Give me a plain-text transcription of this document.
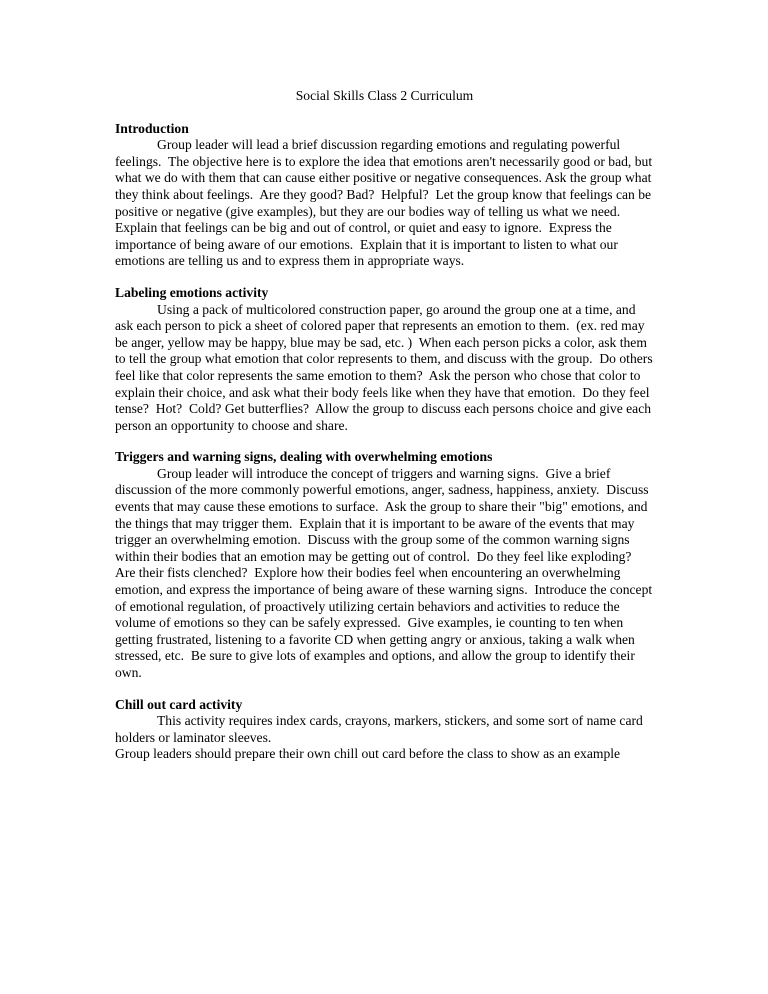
Social Skills Class 2 Curriculum
Introduction

Group leader will lead a brief discussion regarding emotions and regulating powerful feelings.  The objective here is to explore the idea that emotions aren't necessarily good or bad, but what we do with them that can cause either positive or negative consequences. Ask the group what they think about feelings.  Are they good? Bad?  Helpful?  Let the group know that feelings can be positive or negative (give examples), but they are our bodies way of telling us what we need.  Explain that feelings can be big and out of control, or quiet and easy to ignore.  Express the importance of being aware of our emotions.  Explain that it is important to listen to what our emotions are telling us and to express them in appropriate ways.

Labeling emotions activity

Using a pack of multicolored construction paper, go around the group one at a time, and ask each person to pick a sheet of colored paper that represents an emotion to them.  (ex. red may be anger, yellow may be happy, blue may be sad, etc. )  When each person picks a color, ask them to tell the group what emotion that color represents to them, and discuss with the group.  Do others feel like that color represents the same emotion to them?  Ask the person who chose that color to explain their choice, and ask what their body feels like when they have that emotion.  Do they feel tense?  Hot?  Cold? Get butterflies?  Allow the group to discuss each persons choice and give each person an opportunity to choose and share.

Triggers and warning signs, dealing with overwhelming emotions

Group leader will introduce the concept of triggers and warning signs.  Give a brief discussion of the more commonly powerful emotions, anger, sadness, happiness, anxiety.  Discuss events that may cause these emotions to surface.  Ask the group to share their "big" emotions, and the things that may trigger them.  Explain that it is important to be aware of the events that may trigger an overwhelming emotion.  Discuss with the group some of the common warning signs within their bodies that an emotion may be getting out of control.  Do they feel like exploding?  Are their fists clenched?  Explore how their bodies feel when encountering an overwhelming emotion, and express the importance of being aware of these warning signs.  Introduce the concept of emotional regulation, of proactively utilizing certain behaviors and activities to reduce the volume of emotions so they can be safely expressed.  Give examples, ie counting to ten when getting frustrated, listening to a favorite CD when getting angry or anxious, taking a walk when stressed, etc.  Be sure to give lots of examples and options, and allow the group to identify their own.

Chill out card activity

This activity requires index cards, crayons, markers, stickers, and some sort of name card holders or laminator sleeves.

Group leaders should prepare their own chill out card before the class to show as an example
